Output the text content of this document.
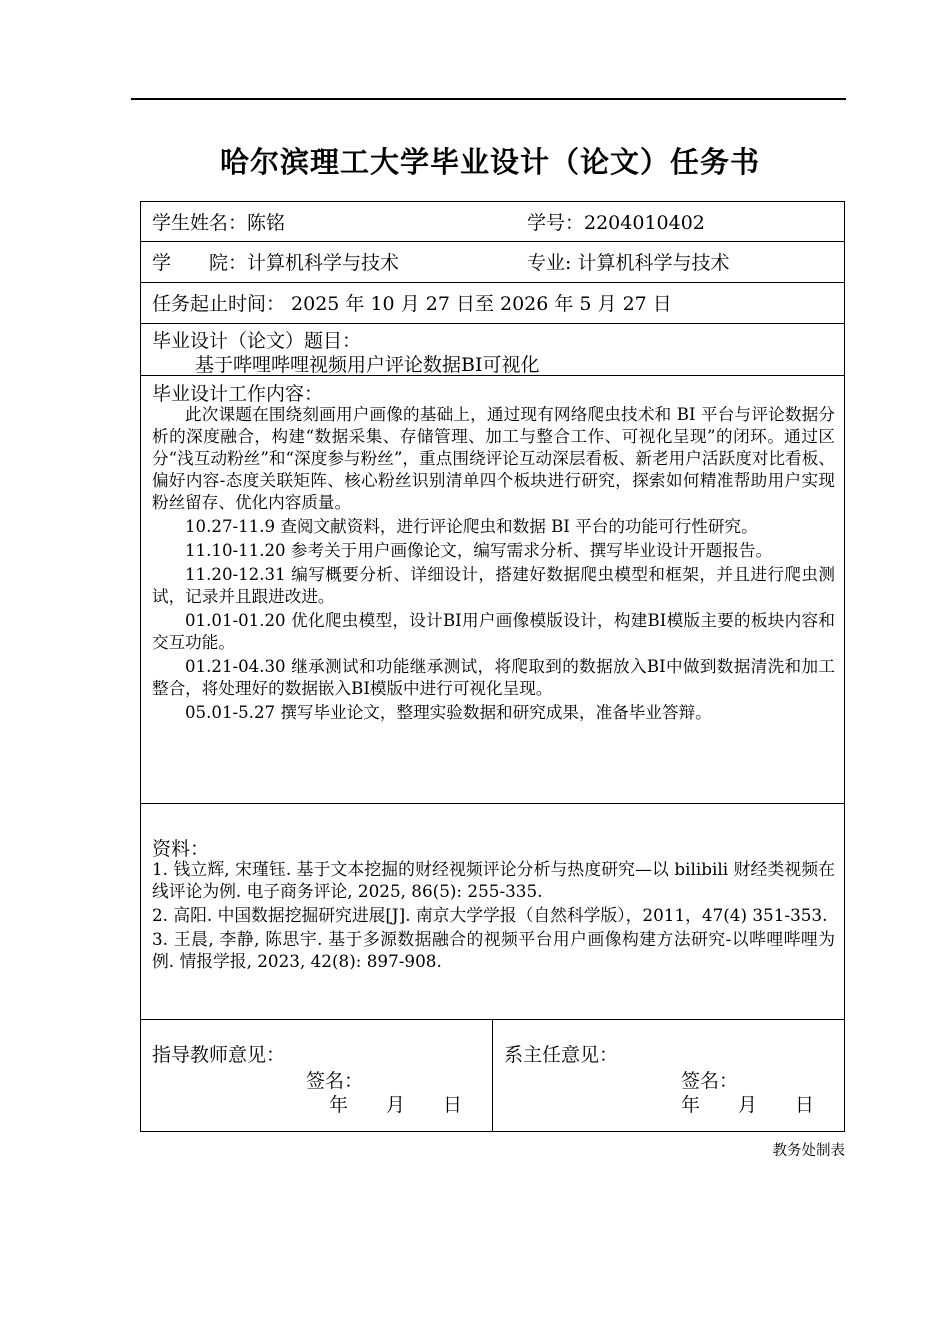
哈尔滨理工大学毕业设计（论文）任务书
学生姓名：陈铭	学号：2204010402
学　　院：计算机科学与技术	专业: 计算机科学与技术
任务起止时间： 2025 年 10 月 27 日至 2026 年 5 月 27 日
毕业设计（论文）题目：
基于哔哩哔哩视频用户评论数据BI可视化
毕业设计工作内容：

此次课题在围绕刻画用户画像的基础上，通过现有网络爬虫技术和 BI 平台与评论数据分析的深度融合，构建“数据采集、存储管理、加工与整合工作、可视化呈现”的闭环。通过区分“浅互动粉丝”和“深度参与粉丝”，重点围绕评论互动深层看板、新老用户活跃度对比看板、偏好内容-态度关联矩阵、核心粉丝识别清单四个板块进行研究，探索如何精准帮助用户实现粉丝留存、优化内容质量。

10.27-11.9 查阅文献资料，进行评论爬虫和数据 BI 平台的功能可行性研究。

11.10-11.20 参考关于用户画像论文，编写需求分析、撰写毕业设计开题报告。

11.20-12.31 编写概要分析、详细设计，搭建好数据爬虫模型和框架，并且进行爬虫测试，记录并且跟进改进。

01.01-01.20 优化爬虫模型，设计BI用户画像模版设计，构建BI模版主要的板块内容和交互功能。

01.21-04.30 继承测试和功能继承测试，将爬取到的数据放入BI中做到数据清洗和加工整合，将处理好的数据嵌入BI模版中进行可视化呈现。

05.01-5.27 撰写毕业论文，整理实验数据和研究成果，准备毕业答辩。

资料：

1. 钱立辉, 宋瑾钰. 基于文本挖掘的财经视频评论分析与热度研究—以 bilibili 财经类视频在线评论为例. 电子商务评论, 2025, 86(5): 255-335.

2. 高阳. 中国数据挖掘研究进展[J]. 南京大学学报（自然科学版），2011，47(4) 351-353.

3. 王晨, 李静, 陈思宇. 基于多源数据融合的视频平台用户画像构建方法研究-以哔哩哔哩为例. 情报学报, 2023, 42(8): 897-908.

指导教师意见：
签名：
年　　月　　日
系主任意见：
签名：
年　　月　　日
教务处制表
